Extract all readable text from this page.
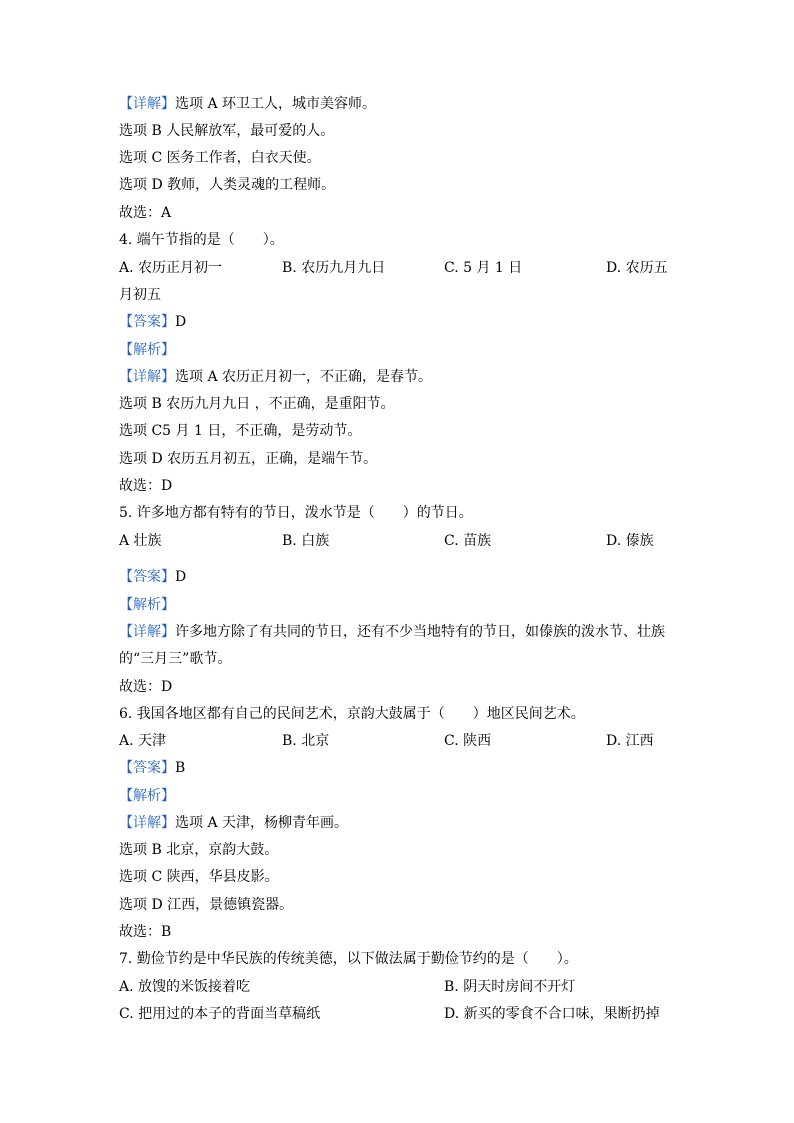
【详解】选项 A 环卫工人，城市美容师。
选项 B 人民解放军，最可爱的人。
选项 C 医务工作者，白衣天使。
选项 D 教师，人类灵魂的工程师。
故选：A
4. 端午节指的是（　　）。
A. 农历正月初一	B. 农历九月九日	C. 5 月 1 日	D. 农历五
月初五
【答案】D
【解析】
【详解】选项 A 农历正月初一，不正确，是春节。
选项 B 农历九月九日 ，不正确，是重阳节。
选项 C5 月 1 日，不正确，是劳动节。
选项 D 农历五月初五，正确，是端午节。
故选：D
5. 许多地方都有特有的节日，泼水节是（　　）的节日。
A 壮族	B. 白族	C. 苗族	D. 傣族
【答案】D
【解析】
【详解】许多地方除了有共同的节日，还有不少当地特有的节日，如傣族的泼水节、壮族
的“三月三”歌节。
故选：D
6. 我国各地区都有自己的民间艺术，京韵大鼓属于（　　）地区民间艺术。
A. 天津	B. 北京	C. 陕西	D. 江西
【答案】B
【解析】
【详解】选项 A 天津，杨柳青年画。
选项 B 北京，京韵大鼓。
选项 C 陕西，华县皮影。
选项 D 江西，景德镇瓷器。
故选：B
7. 勤俭节约是中华民族的传统美德，以下做法属于勤俭节约的是（　　）。
A. 放馊的米饭接着吃	B. 阴天时房间不开灯
C. 把用过的本子的背面当草稿纸	D. 新买的零食不合口味，果断扔掉
